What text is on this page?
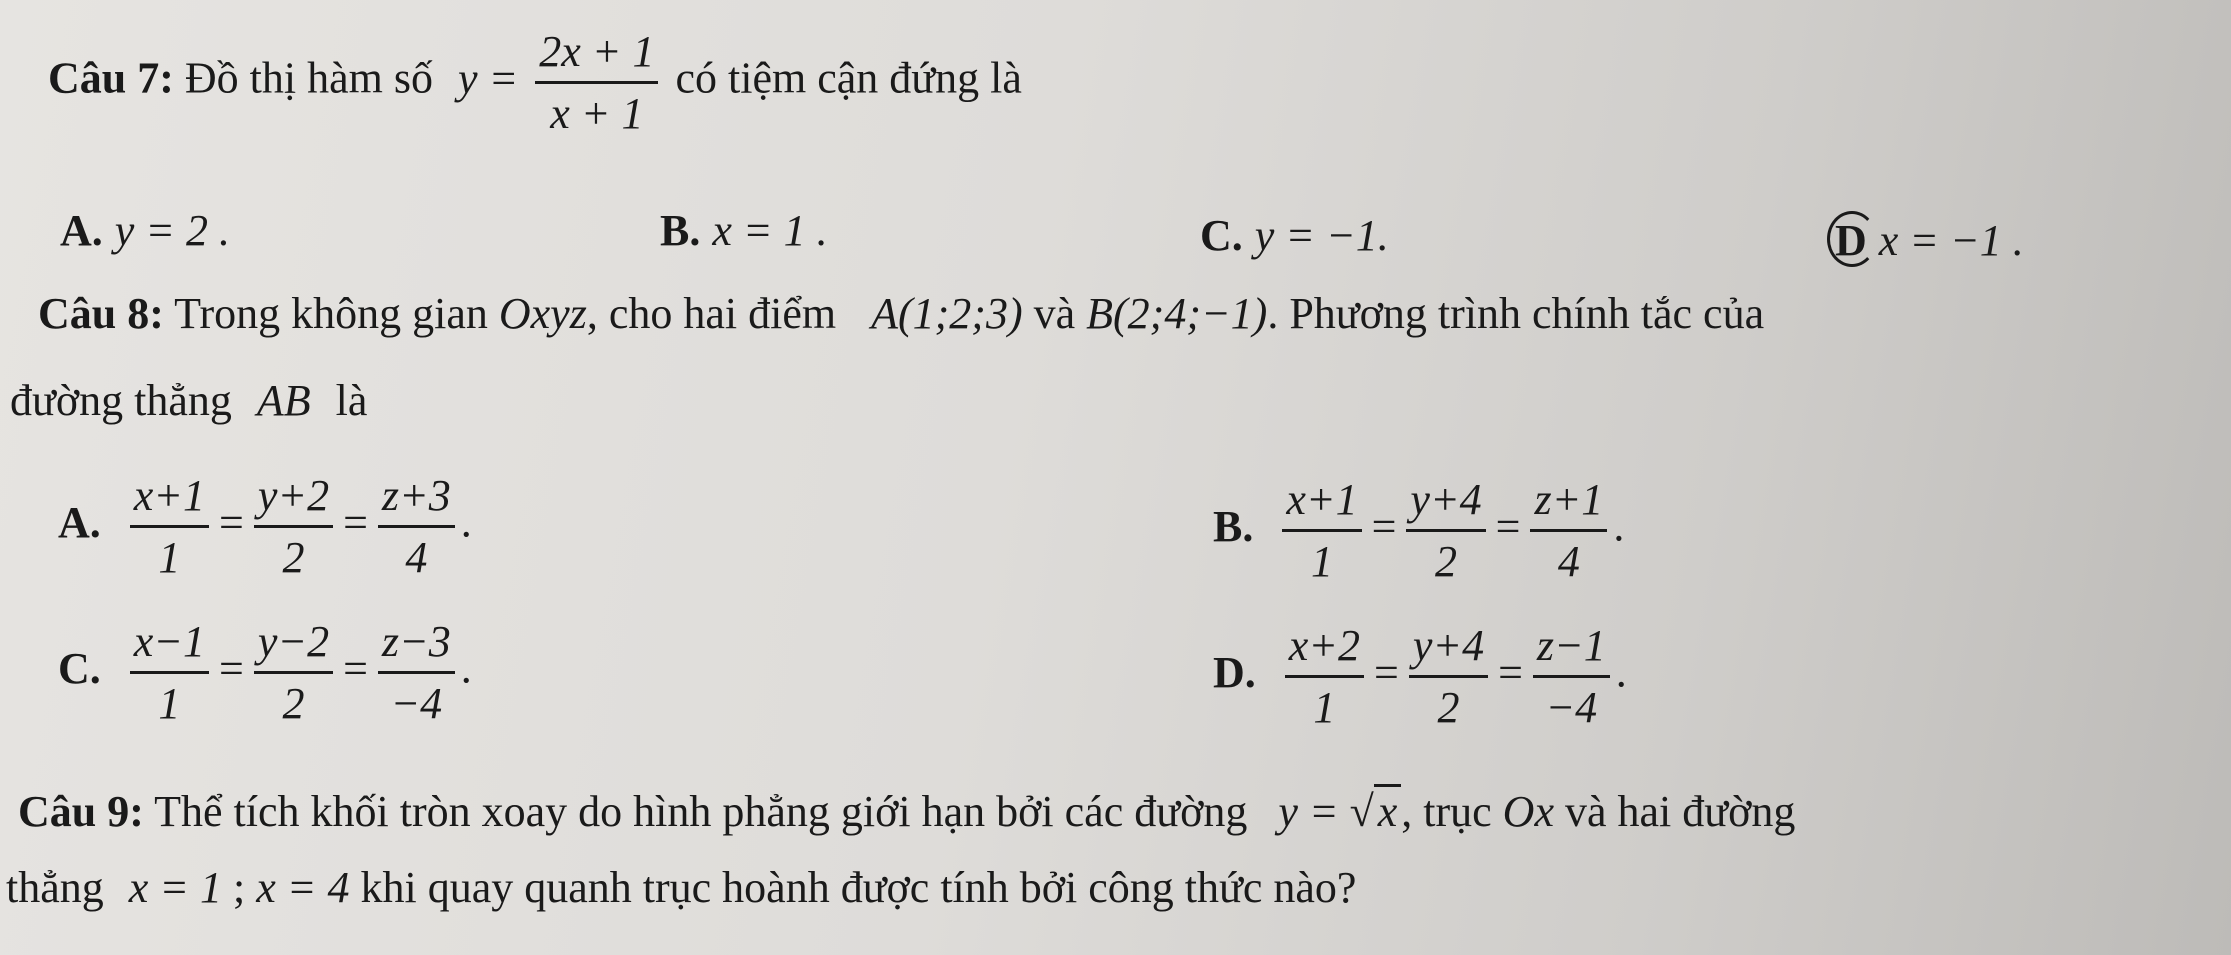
Câu 7: Đồ thị hàm số $y = \frac{2x + 1}{x + 1}$ có tiệm cận đứng là
A. y = 2 .	B. x = 1 .	C. y = −1.	D x = −1 .
Câu 8: Trong không gian Oxyz, cho hai điểm A(1;2;3) và B(2;4;−1). Phương trình chính tắc của
đường thẳng AB là
A. $\frac{x+1}{1} = \frac{y+2}{2} = \frac{z+3}{4}$ .	B. $\frac{x+1}{1} = \frac{y+4}{2} = \frac{z+1}{4}$ .
C. $\frac{x-1}{1} = \frac{y-2}{2} = \frac{z-3}{-4}$ .	D. $\frac{x+2}{1} = \frac{y+4}{2} = \frac{z-1}{-4}$ .
Câu 9: Thể tích khối tròn xoay do hình phẳng giới hạn bởi các đường y = √x, trục Ox và hai đường
thẳng x = 1 ; x = 4 khi quay quanh trục hoành được tính bởi công thức nào?
